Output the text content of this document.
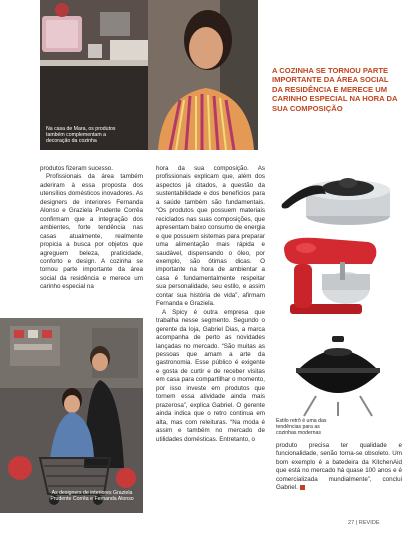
Na casa de Mara, os produtos também complementam a decoração da cozinha
A COZINHA SE TORNOU PARTE IMPORTANTE DA ÁREA SOCIAL DA RESIDÊNCIA E MERECE UM CARINHO ESPECIAL NA HORA DA SUA COMPOSIÇÃO

produtos fizeram sucesso.

Profissionais da área também aderiram à essa proposta dos utensílios domésticos inovadores. As designers de interiores Fernanda Alonso e Graziela Prudente Corrêa confirmam que a integração dos ambientes, forte tendência nas casas atualmente, realmente propicia a busca por objetos que agreguem beleza, praticidade, conforto e design. A cozinha se tornou parte importante da área social da residência e merece um carinho especial na

As designers de interiores Graziela Prudente Corrêa e Fernanda Alonso

hora da sua composição. As profissionais explicam que, além dos aspectos já citados, a questão da sustentabilidade e dos benefícios para a saúde também são fundamentais. “Os produtos que possuem materiais reciclados nas suas composições, que apresentam baixo consumo de energia e que possuem sistemas para preparar uma alimentação mais rápida e saudável, dispensando o óleo, por exemplo, são ótimas dicas. O importante na hora de ambientar a casa é fundamentalmente respeitar sua personalidade, seu estilo, e assim contar sua história de vida”, afirmam Fernanda e Graziela.

A Spicy é outra empresa que trabalha nesse segmento. Segundo o gerente da loja, Gabriel Dias, a marca acompanha de perto as novidades lançadas no mercado. “São muitas as pessoas que amam a arte da gastronomia. Esse público é exigente e gosta de curtir e de receber visitas em casa para compartilhar o momento, por isso investe em produtos que tornem essa atividade ainda mais prazerosa”, explica Gabriel. O gerente ainda indica que o retro continua em alta, mas com releituras. “Na moda é assim e também no mercado de utilidades domésticas. Entretanto, o

Estilo retrô é uma das tendências para as cozinhas modernas

produto precisa ter qualidade e funcionalidade, senão torna-se obsoleto. Um bom exemplo é a batedeira da KitchenAid que está no mercado há quase 100 anos e é comercializada mundialmente”, conclui Gabriel.

27 | REVIDE
